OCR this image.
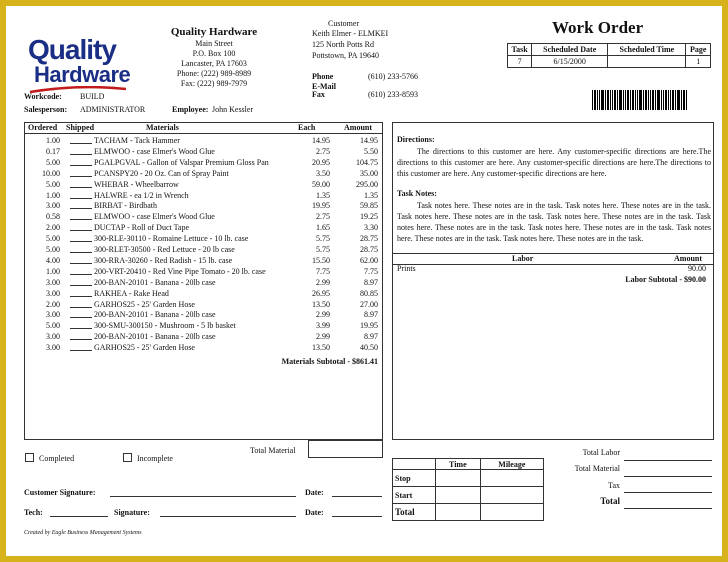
Quality
Hardware
Quality Hardware
Main Street
P.O. Box 100
Lancaster, PA 17603
Phone: (222) 989-8989
Fax: (222) 989-7979
Customer
Keith Elmer - ELMKEI
125 North Potts Rd
Pottstown, PA 19640
Phone	(610) 233-5766
E-Mail
Fax	(610) 233-8593
Work Order
Task	Scheduled Date	Scheduled Time	Page
7	6/15/2000		1
Workcode: BUILD
Salesperson: ADMINISTRATOR	Employee: John Kessler
Ordered Shipped	Materials	Each	Amount
1.00	TACHAM - Tack Hammer	14.95	14.95
0.17	ELMWOO - case Elmer's Wood Glue	2.75	5.50
5.00	PGALPGVAL - Gallon of Valspar Premium Gloss Pan	20.95	104.75
10.00	PCANSPY20 - 20 Oz. Can of Spray Paint	3.50	35.00
5.00	WHEBAR - Wheelbarrow	59.00	295.00
1.00	HALWRE - ea 1/2 in Wrench	1.35	1.35
3.00	BIRBAT - Birdbath	19.95	59.85
0.58	ELMWOO - case Elmer's Wood Glue	2.75	19.25
2.00	DUCTAP - Roll of Duct Tape	1.65	3.30
5.00	300-RLE-30110 - Romaine Lettuce - 10 lb. case	5.75	28.75
5.00	300-RLET-30500 - Red Lettuce - 20 lb case	5.75	28.75
4.00	300-RRA-30260 - Red Radish - 15 lb. case	15.50	62.00
1.00	200-VRT-20410 - Red Vine Pipe Tomato - 20 lb. case	7.75	7.75
3.00	200-BAN-20101 - Banana - 20lb case	2.99	8.97
3.00	RAKHEA - Rake Head	26.95	80.85
2.00	GARHOS25 - 25' Garden Hose	13.50	27.00
3.00	200-BAN-20101 - Banana - 20lb case	2.99	8.97
5.00	300-SMU-300150 - Mushroom - 5 lb basket	3.99	19.95
3.00	200-BAN-20101 - Banana - 20lb case	2.99	8.97
3.00	GARHOS25 - 25' Garden Hose	13.50	40.50
Materials Subtotal - $861.41
Total Material
Completed	Incomplete
Customer Signature:	Date:
Tech:	Signature:	Date:
Created by Eagle Business Management Systems
Directions:
The directions to this customer are here. Any customer-specific directions are here.The directions to this customer are here. Any customer-specific directions are here.The directions to this customer are here. Any customer-specific directions are here.
Task Notes:
Task notes here. These notes are in the task. Task notes here. These notes are in the task. Task notes here. These notes are in the task. Task notes here. These notes are in the task. Task notes here. These notes are in the task. Task notes here. These notes are in the task. Task notes here. These notes are in the task. Task notes here. These notes are in the task.
Labor	Amount
Prints	90.00
Labor Subtotal - $90.00
	Time	Mileage
Stop		
Start		
Total		
Total Labor
Total Material
Tax
Total
